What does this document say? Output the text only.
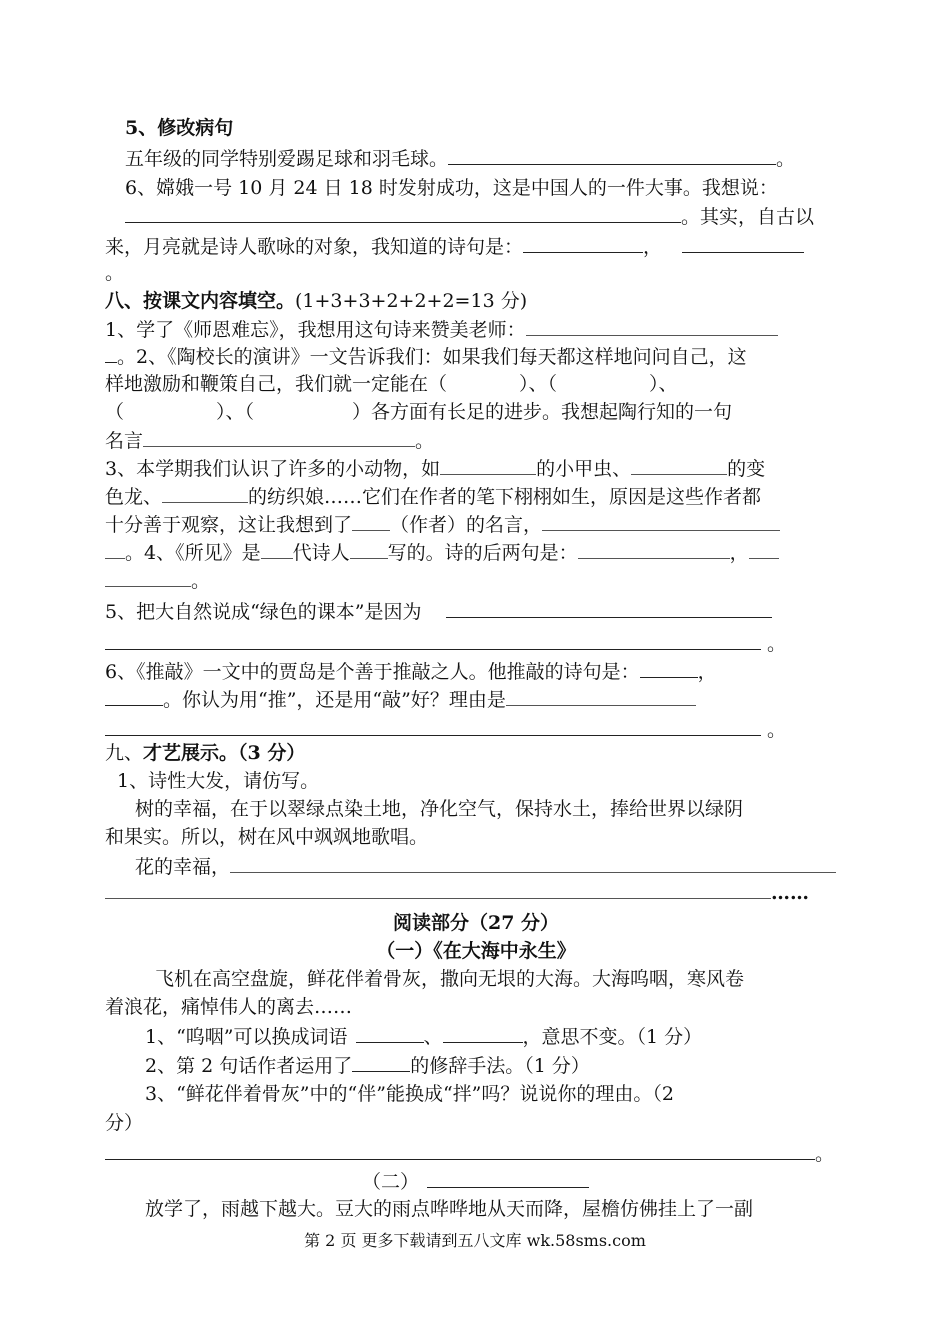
5、修改病句
五年级的同学特别爱踢足球和羽毛球。	。
6、嫦娥一号 10 月 24 日 18 时发射成功，这是中国人的一件大事。我想说：
。其实，自古以
来，月亮就是诗人歌咏的对象，我知道的诗句是：	，
。
八、按课文内容填空。(1+3+3+2+2+2=13 分)
1、学了《师恩难忘》，我想用这句诗来赞美老师：
。2、《陶校长的演讲》一文告诉我们：如果我们每天都这样地问问自己，这
样地激励和鞭策自己，我们就一定能在（	）、（	）、
（	）、（	）各方面有长足的进步。我想起陶行知的一句
名言	。
3、本学期我们认识了许多的小动物，如	的小甲虫、	的变
色龙、	的纺织娘……它们在作者的笔下栩栩如生，原因是这些作者都
十分善于观察，这让我想到了 （作者）的名言，
。4、《所见》是 代诗人 写的。诗的后两句是：	，
。
5、把大自然说成“绿色的课本”是因为
。
6、《推敲》一文中的贾岛是个善于推敲之人。他推敲的诗句是：	，
。你认为用“推”，还是用“敲”好？理由是
。
九、才艺展示。（3 分）
1、诗性大发，请仿写。
树的幸福，在于以翠绿点染土地，净化空气，保持水土，捧给世界以绿阴
和果实。所以，树在风中飒飒地歌唱。
花的幸福，
……
阅读部分（27 分）
（一）《在大海中永生》
飞机在高空盘旋，鲜花伴着骨灰，撒向无垠的大海。大海呜咽，寒风卷
着浪花，痛悼伟人的离去……
1、“呜咽”可以换成词语	、	，意思不变。（1 分）
2、第 2 句话作者运用了	的修辞手法。（1 分）
3、“鲜花伴着骨灰”中的“伴”能换成“拌”吗？说说你的理由。（2
分）
。
（二）
放学了，雨越下越大。豆大的雨点哗哗地从天而降，屋檐仿佛挂上了一副
第 2 页 更多下载请到五八文库 wk.58sms.com
